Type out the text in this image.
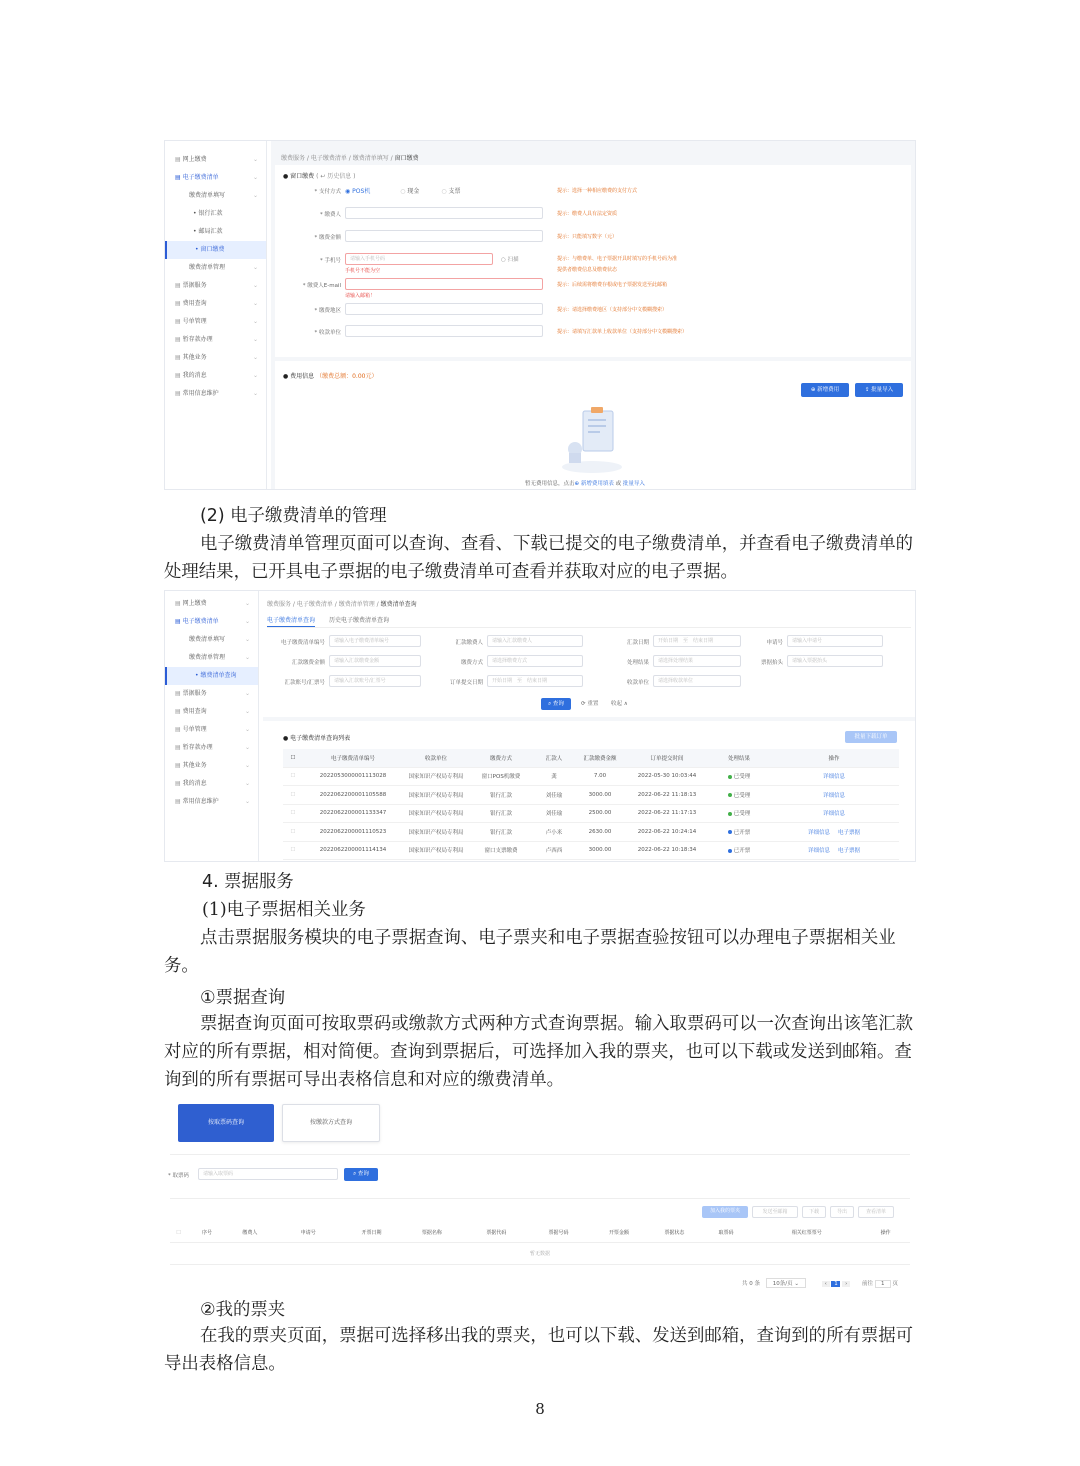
▤ 网上缴费	⌄
▤ 电子缴费清单	⌄
缴费清单填写	⌄
• 银行汇款
• 邮局汇款
• 窗口缴费
缴费清单管理	⌄
▤ 票据服务	⌄
▤ 费用查询	⌄
▤ 号单管理	⌄
▤ 暂存款办理	⌄
▤ 其他业务	⌄
▤ 我的消息	⌄
▤ 常用信息维护	⌄
缴费服务 / 电子缴费清单 / 缴费清单填写 / 窗口缴费
● 窗口缴费 ( ↩ 历史信息 )
* 支付方式 ◉ POS机	○ 现金	○ 支票	提示：选择一种相应缴费的支付方式
* 缴费人	提示：缴费人具有法定资质
* 缴费金额	提示：只能填写数字（元）
* 手机号	请输入手机号码	○ 扫描
手机号不能为空
提示：与缴费单、电子票据开具时填写的手机号码为准
提供者缴费信息及缴费状态
* 缴费人E-mail
请输入邮箱！
提示：后续需将缴费存根或电子票据发送至此邮箱
* 缴费地区	提示：请选择缴费地区（支持部分中文模糊搜索）
* 收款单位	提示：请填写汇款单上收款单位（支持部分中文模糊搜索）
● 费用信息 （缴费总额：0.00元）
⊕ 新增费用	⇪ 批量导入
暂无费用信息，点击⊕ 新增费用填表 或 批量导入
(2) 电子缴费清单的管理
电子缴费清单管理页面可以查询、查看、下载已提交的电子缴费清单，并查看电子缴费清单的处理结果，已开具电子票据的电子缴费清单可查看并获取对应的电子票据。
▤ 网上缴费	⌄
▤ 电子缴费清单	⌄
缴费清单填写	⌄
缴费清单管理	⌄
• 缴费清单查询
▤ 票据服务	⌄
▤ 费用查询	⌄
▤ 号单管理	⌄
▤ 暂存款办理	⌄
▤ 其他业务	⌄
▤ 我的消息	⌄
▤ 常用信息维护	⌄
缴费服务 / 电子缴费清单 / 缴费清单管理 / 缴费清单查询
电子缴费清单查询 历史电子缴费清单查询
电子缴费清单编号	请输入电子缴费清单编号	汇款缴费人	请输入汇款缴费人	汇款日期	开始日期　至　结束日期	申请号	请输入申请号
汇款缴费金额	请输入汇款缴费金额	缴费方式	请选择缴费方式	处理结果	请选择处理结果	票据抬头	请输入票据抬头
汇款账号/汇票号	请输入汇款账号/汇票号	订单提交日期	开始日期　至　结束日期	收款单位	请选择收款单位
⌕ 查询	⟳ 重置 收起 ∧
● 电子缴费清单查询列表	批量下载订单
☐	电子缴费清单编号	收款单位	缴费方式	汇款人	汇款缴费金额	订单提交时间	处理结果	操作
☐	2022053000001113028	国家知识产权局专利局	窗口POS机缴费	龚	7.00	2022-05-30 10:03:44	已受理	详细信息
☐	2022062200001105588	国家知识产权局专利局	银行汇款	刘佳瑜	3000.00	2022-06-22 11:18:13	已受理	详细信息
☐	2022062200001133347	国家知识产权局专利局	银行汇款	刘佳瑜	2500.00	2022-06-22 11:17:13	已受理	详细信息
☐	2022062200001110523	国家知识产权局专利局	银行汇款	卢小米	2630.00	2022-06-22 10:24:14	已开票	详细信息 电子票据
☐	2022062200001114134	国家知识产权局专利局	窗口支票缴费	卢西西	3000.00	2022-06-22 10:18:34	已开票	详细信息 电子票据
4. 票据服务
(1)电子票据相关业务
点击票据服务模块的电子票据查询、电子票夹和电子票据查验按钮可以办理电子票据相关业务。
①票据查询
票据查询页面可按取票码或缴款方式两种方式查询票据。输入取票码可以一次查询出该笔汇款对应的所有票据，相对简便。查询到票据后，可选择加入我的票夹，也可以下载或发送到邮箱。查询到的所有票据可导出表格信息和对应的缴费清单。
按取票码查询	按缴款方式查询
* 取票码	请输入取票码	⌕ 查询
加入我的票夹	发送至邮箱	下载	导出	查看清单
☐	序号	缴费人	申请号	开票日期	票据名称	票据代码	票据号码	开票金额	票据状态	取票码	相关红票票号	操作
暂无数据
共 0 条 10条/页 ⌄	‹ 1 ›	前往 1 页
②我的票夹
在我的票夹页面，票据可选择移出我的票夹，也可以下载、发送到邮箱，查询到的所有票据可导出表格信息。
8
